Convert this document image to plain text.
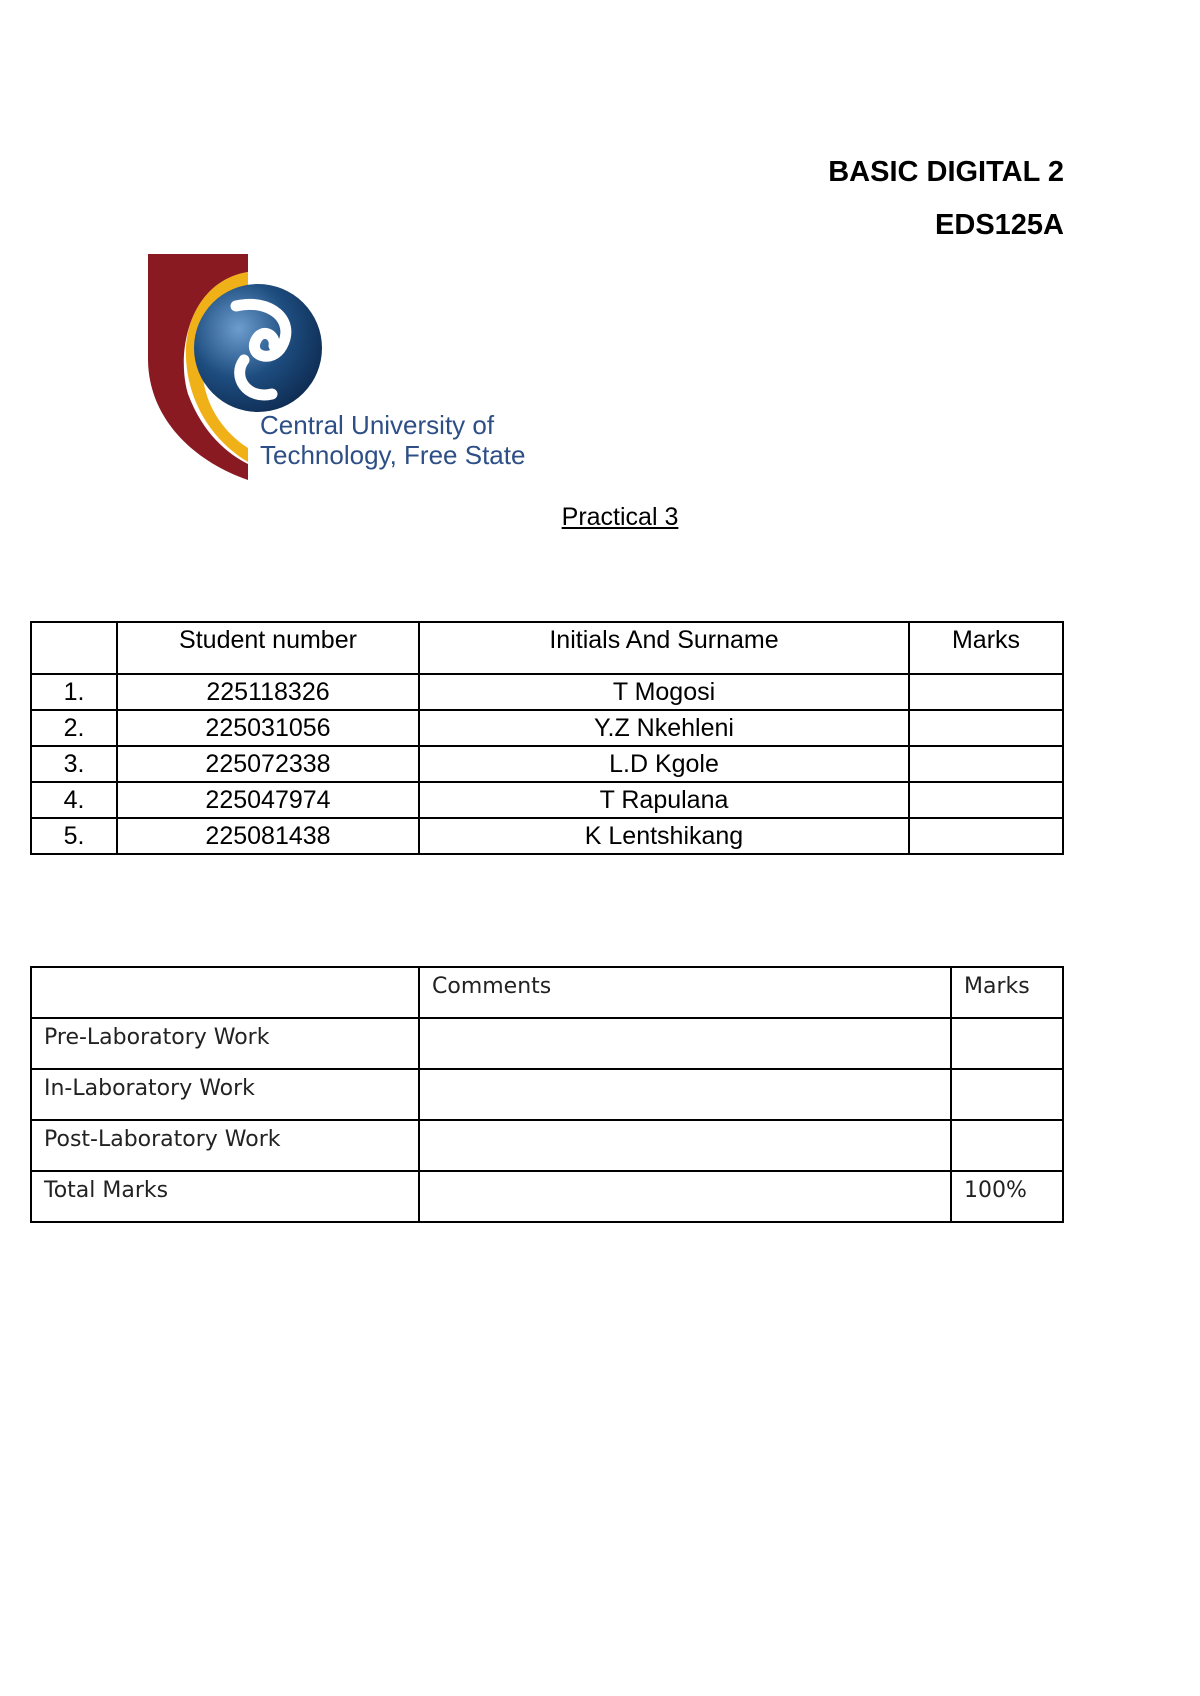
BASIC DIGITAL 2
EDS125A
Central University of
Technology, Free State
Practical 3
	Student number	Initials And Surname	Marks
1.	225118326	T Mogosi	
2.	225031056	Y.Z Nkehleni	
3.	225072338	L.D Kgole	
4.	225047974	T Rapulana	
5.	225081438	K Lentshikang	
	Comments	Marks
Pre-Laboratory Work		
In-Laboratory Work		
Post-Laboratory Work		
Total Marks		100%
